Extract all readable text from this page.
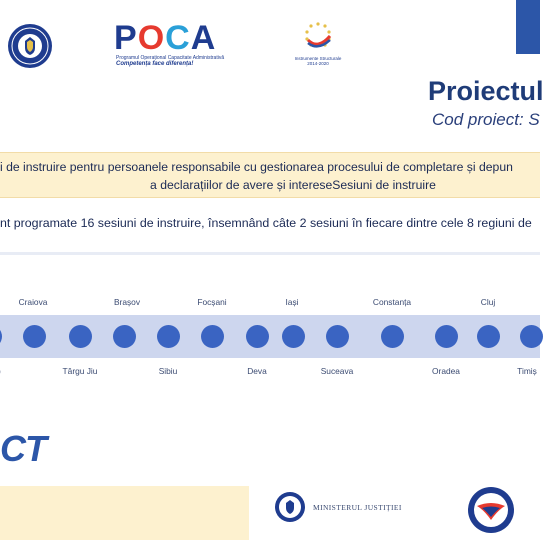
POCA
Programul Operațional Capacitate Administrativă
Competența face diferența!
Instrumente Structurale
2014-2020
Proiectul
Cod proiect: S
i de instruire pentru persoanele responsabile cu gestionarea procesului de completare și depun
a declarațiilor de avere și intereseSesiuni de instruire
nt programate 16 sesiuni de instruire, însemnând câte 2 sesiuni în fiecare dintre cele 8 regiuni de
Craiova	Brașov	Focșani	Iași	Constanța	Cluj
Târgu Jiu	Sibiu	Deva	Suceava	Oradea	Timiș
CT
MINISTERUL JUSTIȚIEI
